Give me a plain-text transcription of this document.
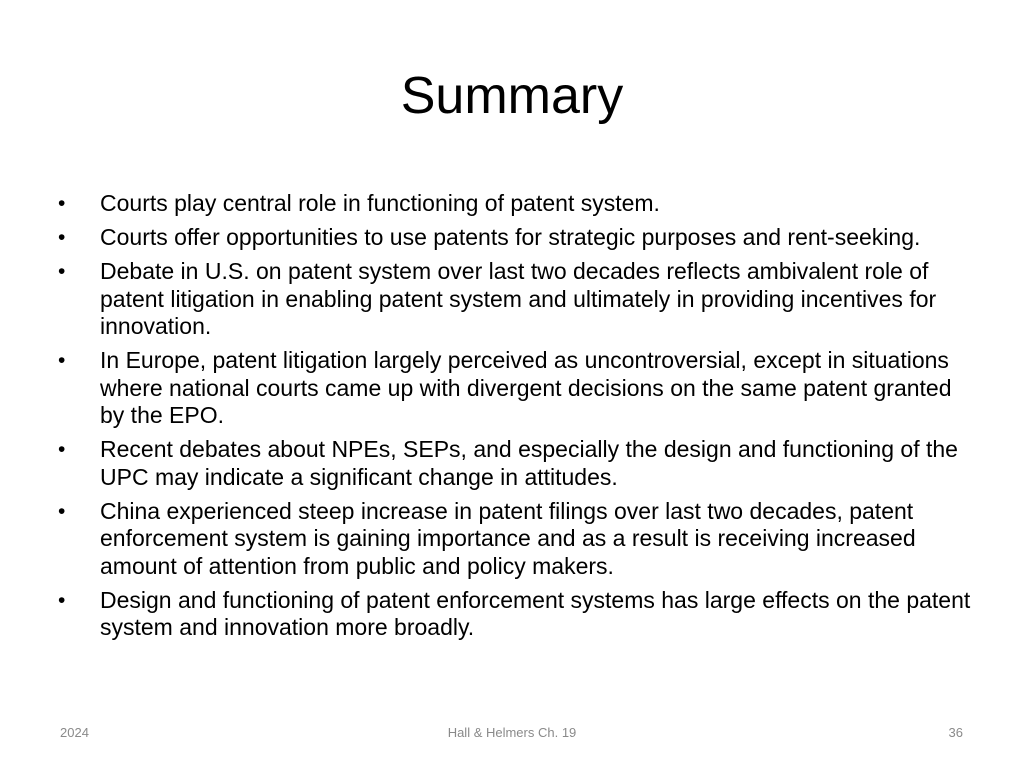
Summary
•	Courts play central role in functioning of patent system.
•	Courts offer opportunities to use patents for strategic purposes and rent-seeking.
•	Debate in U.S. on patent system over last two decades reflects ambivalent role of patent litigation in enabling patent system and ultimately in providing incentives for innovation.
•	In Europe, patent litigation largely perceived as uncontroversial, except in situations where national courts came up with divergent decisions on the same patent granted by the EPO.
•	Recent debates about NPEs, SEPs, and especially the design and functioning of the UPC may indicate a significant change in attitudes.
•	China experienced steep increase in patent filings over last two decades, patent enforcement system is gaining importance and as a result is receiving increased amount of attention from public and policy makers.
•	Design and functioning of patent enforcement systems has large effects on the patent system and innovation more broadly.
2024	Hall & Helmers Ch. 19	36
